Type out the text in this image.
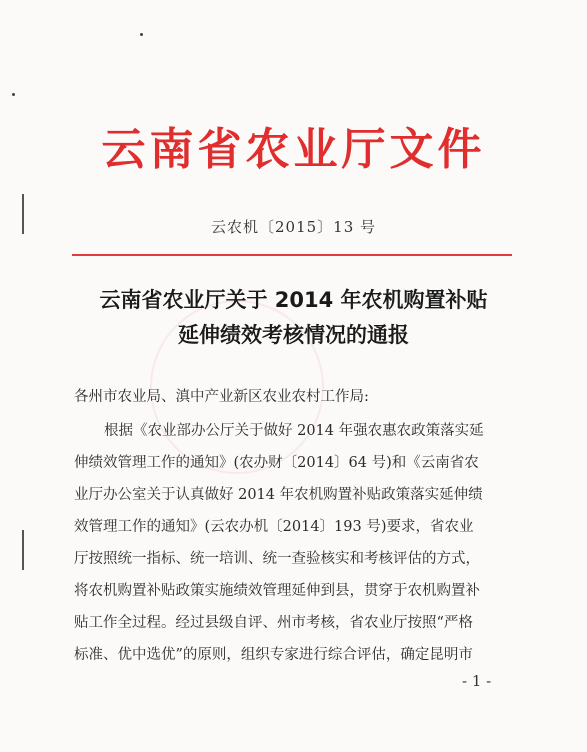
云南省农业厅文件
云农机〔2015〕13 号
云南省农业厅关于 2014 年农机购置补贴
延伸绩效考核情况的通报
各州市农业局、滇中产业新区农业农村工作局:
根据《农业部办公厅关于做好 2014 年强农惠农政策落实延
伸绩效管理工作的通知》(农办财〔2014〕64 号)和《云南省农
业厅办公室关于认真做好 2014 年农机购置补贴政策落实延伸绩
效管理工作的通知》(云农办机〔2014〕193 号)要求，省农业
厅按照统一指标、统一培训、统一查验核实和考核评估的方式，
将农机购置补贴政策实施绩效管理延伸到县，贯穿于农机购置补
贴工作全过程。经过县级自评、州市考核，省农业厅按照“严格
标准、优中选优”的原则，组织专家进行综合评估，确定昆明市
- 1 -
